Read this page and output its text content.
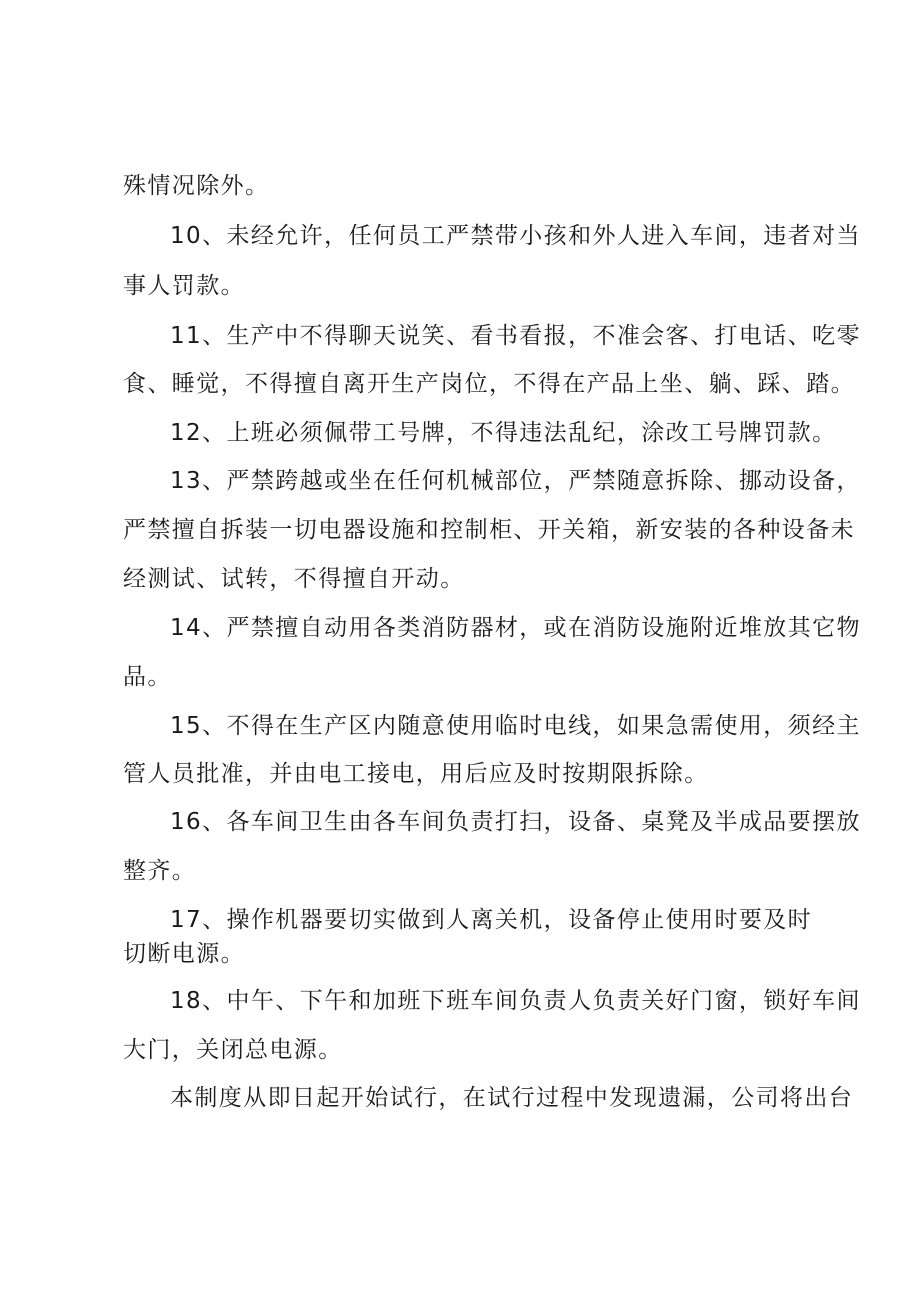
殊情况除外。
10、未经允许，任何员工严禁带小孩和外人进入车间，违者对当
事人罚款。
11、生产中不得聊天说笑、看书看报，不准会客、打电话、吃零
食、睡觉，不得擅自离开生产岗位，不得在产品上坐、躺、踩、踏。
12、上班必须佩带工号牌，不得违法乱纪，涂改工号牌罚款。
13、严禁跨越或坐在任何机械部位，严禁随意拆除、挪动设备，
严禁擅自拆装一切电器设施和控制柜、开关箱，新安装的各种设备未
经测试、试转，不得擅自开动。
14、严禁擅自动用各类消防器材，或在消防设施附近堆放其它物
品。
15、不得在生产区内随意使用临时电线，如果急需使用，须经主
管人员批准，并由电工接电，用后应及时按期限拆除。
16、各车间卫生由各车间负责打扫，设备、桌凳及半成品要摆放
整齐。
17、操作机器要切实做到人离关机，设备停止使用时要及时
切断电源。
18、中午、下午和加班下班车间负责人负责关好门窗，锁好车间
大门，关闭总电源。
本制度从即日起开始试行，在试行过程中发现遗漏，公司将出台
